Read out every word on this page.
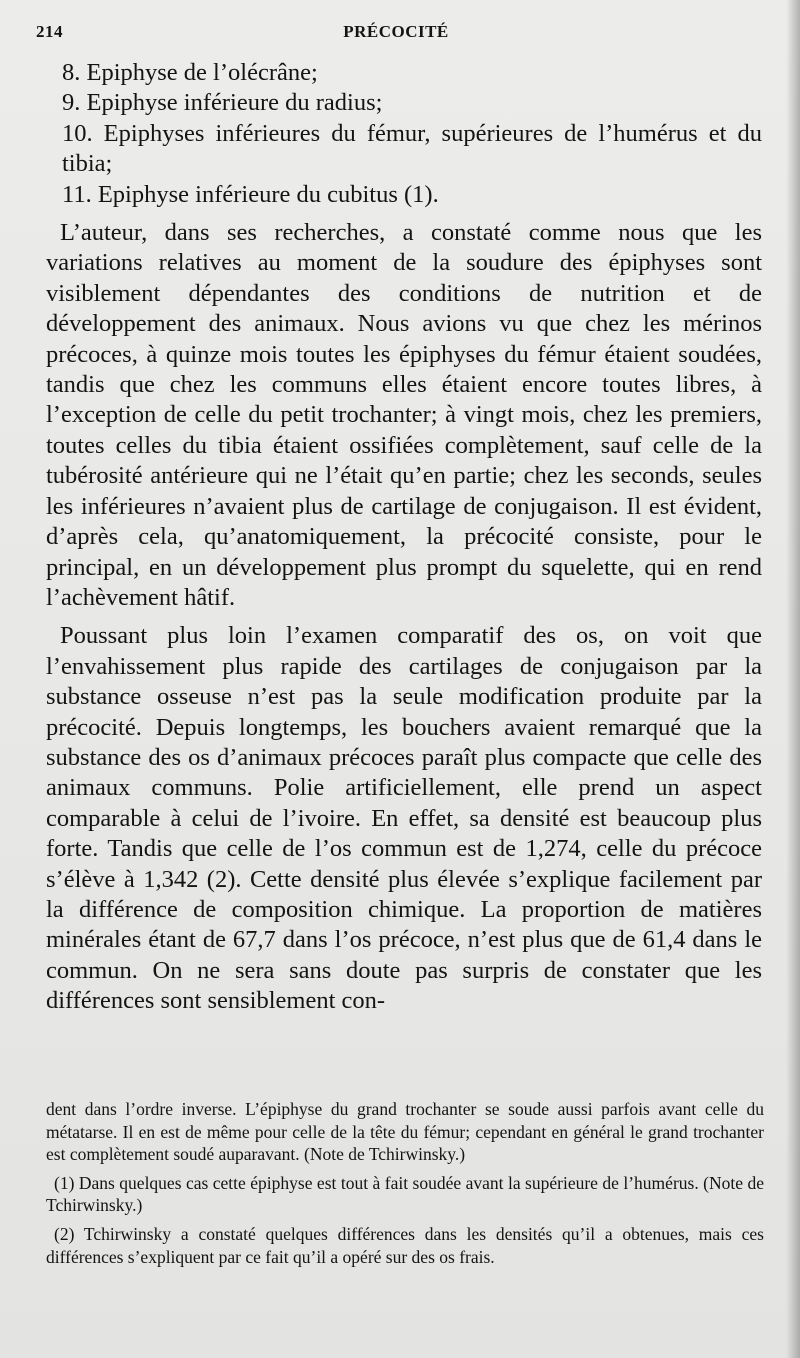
214	PRÉCOCITÉ

8. Epiphyse de l’olécrâne;

9. Epiphyse inférieure du radius;

10. Epiphyses inférieures du fémur, supérieures de l’humérus et du tibia;

11. Epiphyse inférieure du cubitus (1).

L’auteur, dans ses recherches, a constaté comme nous que les variations relatives au moment de la soudure des épiphyses sont visiblement dépendantes des conditions de nutrition et de développement des animaux. Nous avions vu que chez les mérinos précoces, à quinze mois toutes les épiphyses du fémur étaient soudées, tandis que chez les communs elles étaient encore toutes libres, à l’exception de celle du petit trochanter; à vingt mois, chez les premiers, toutes celles du tibia étaient ossifiées complètement, sauf celle de la tubérosité antérieure qui ne l’était qu’en partie; chez les seconds, seules les inférieures n’avaient plus de cartilage de conjugaison. Il est évident, d’après cela, qu’anatomiquement, la précocité consiste, pour le principal, en un développement plus prompt du squelette, qui en rend l’achèvement hâtif.

Poussant plus loin l’examen comparatif des os, on voit que l’envahissement plus rapide des cartilages de conjugaison par la substance osseuse n’est pas la seule modification produite par la précocité. Depuis longtemps, les bouchers avaient remarqué que la substance des os d’animaux précoces paraît plus compacte que celle des animaux communs. Polie artificiellement, elle prend un aspect comparable à celui de l’ivoire. En effet, sa densité est beaucoup plus forte. Tandis que celle de l’os commun est de 1,274, celle du précoce s’élève à 1,342 (2). Cette densité plus élevée s’explique facilement par la différence de composition chimique. La proportion de matières minérales étant de 67,7 dans l’os précoce, n’est plus que de 61,4 dans le commun. On ne sera sans doute pas surpris de constater que les différences sont sensiblement con-

dent dans l’ordre inverse. L’épiphyse du grand trochanter se soude aussi parfois avant celle du métatarse. Il en est de même pour celle de la tête du fémur; cependant en général le grand trochanter est complètement soudé auparavant. (Note de Tchirwinsky.)

(1) Dans quelques cas cette épiphyse est tout à fait soudée avant la supérieure de l’humérus. (Note de Tchirwinsky.)

(2) Tchirwinsky a constaté quelques différences dans les densités qu’il a obtenues, mais ces différences s’expliquent par ce fait qu’il a opéré sur des os frais.
